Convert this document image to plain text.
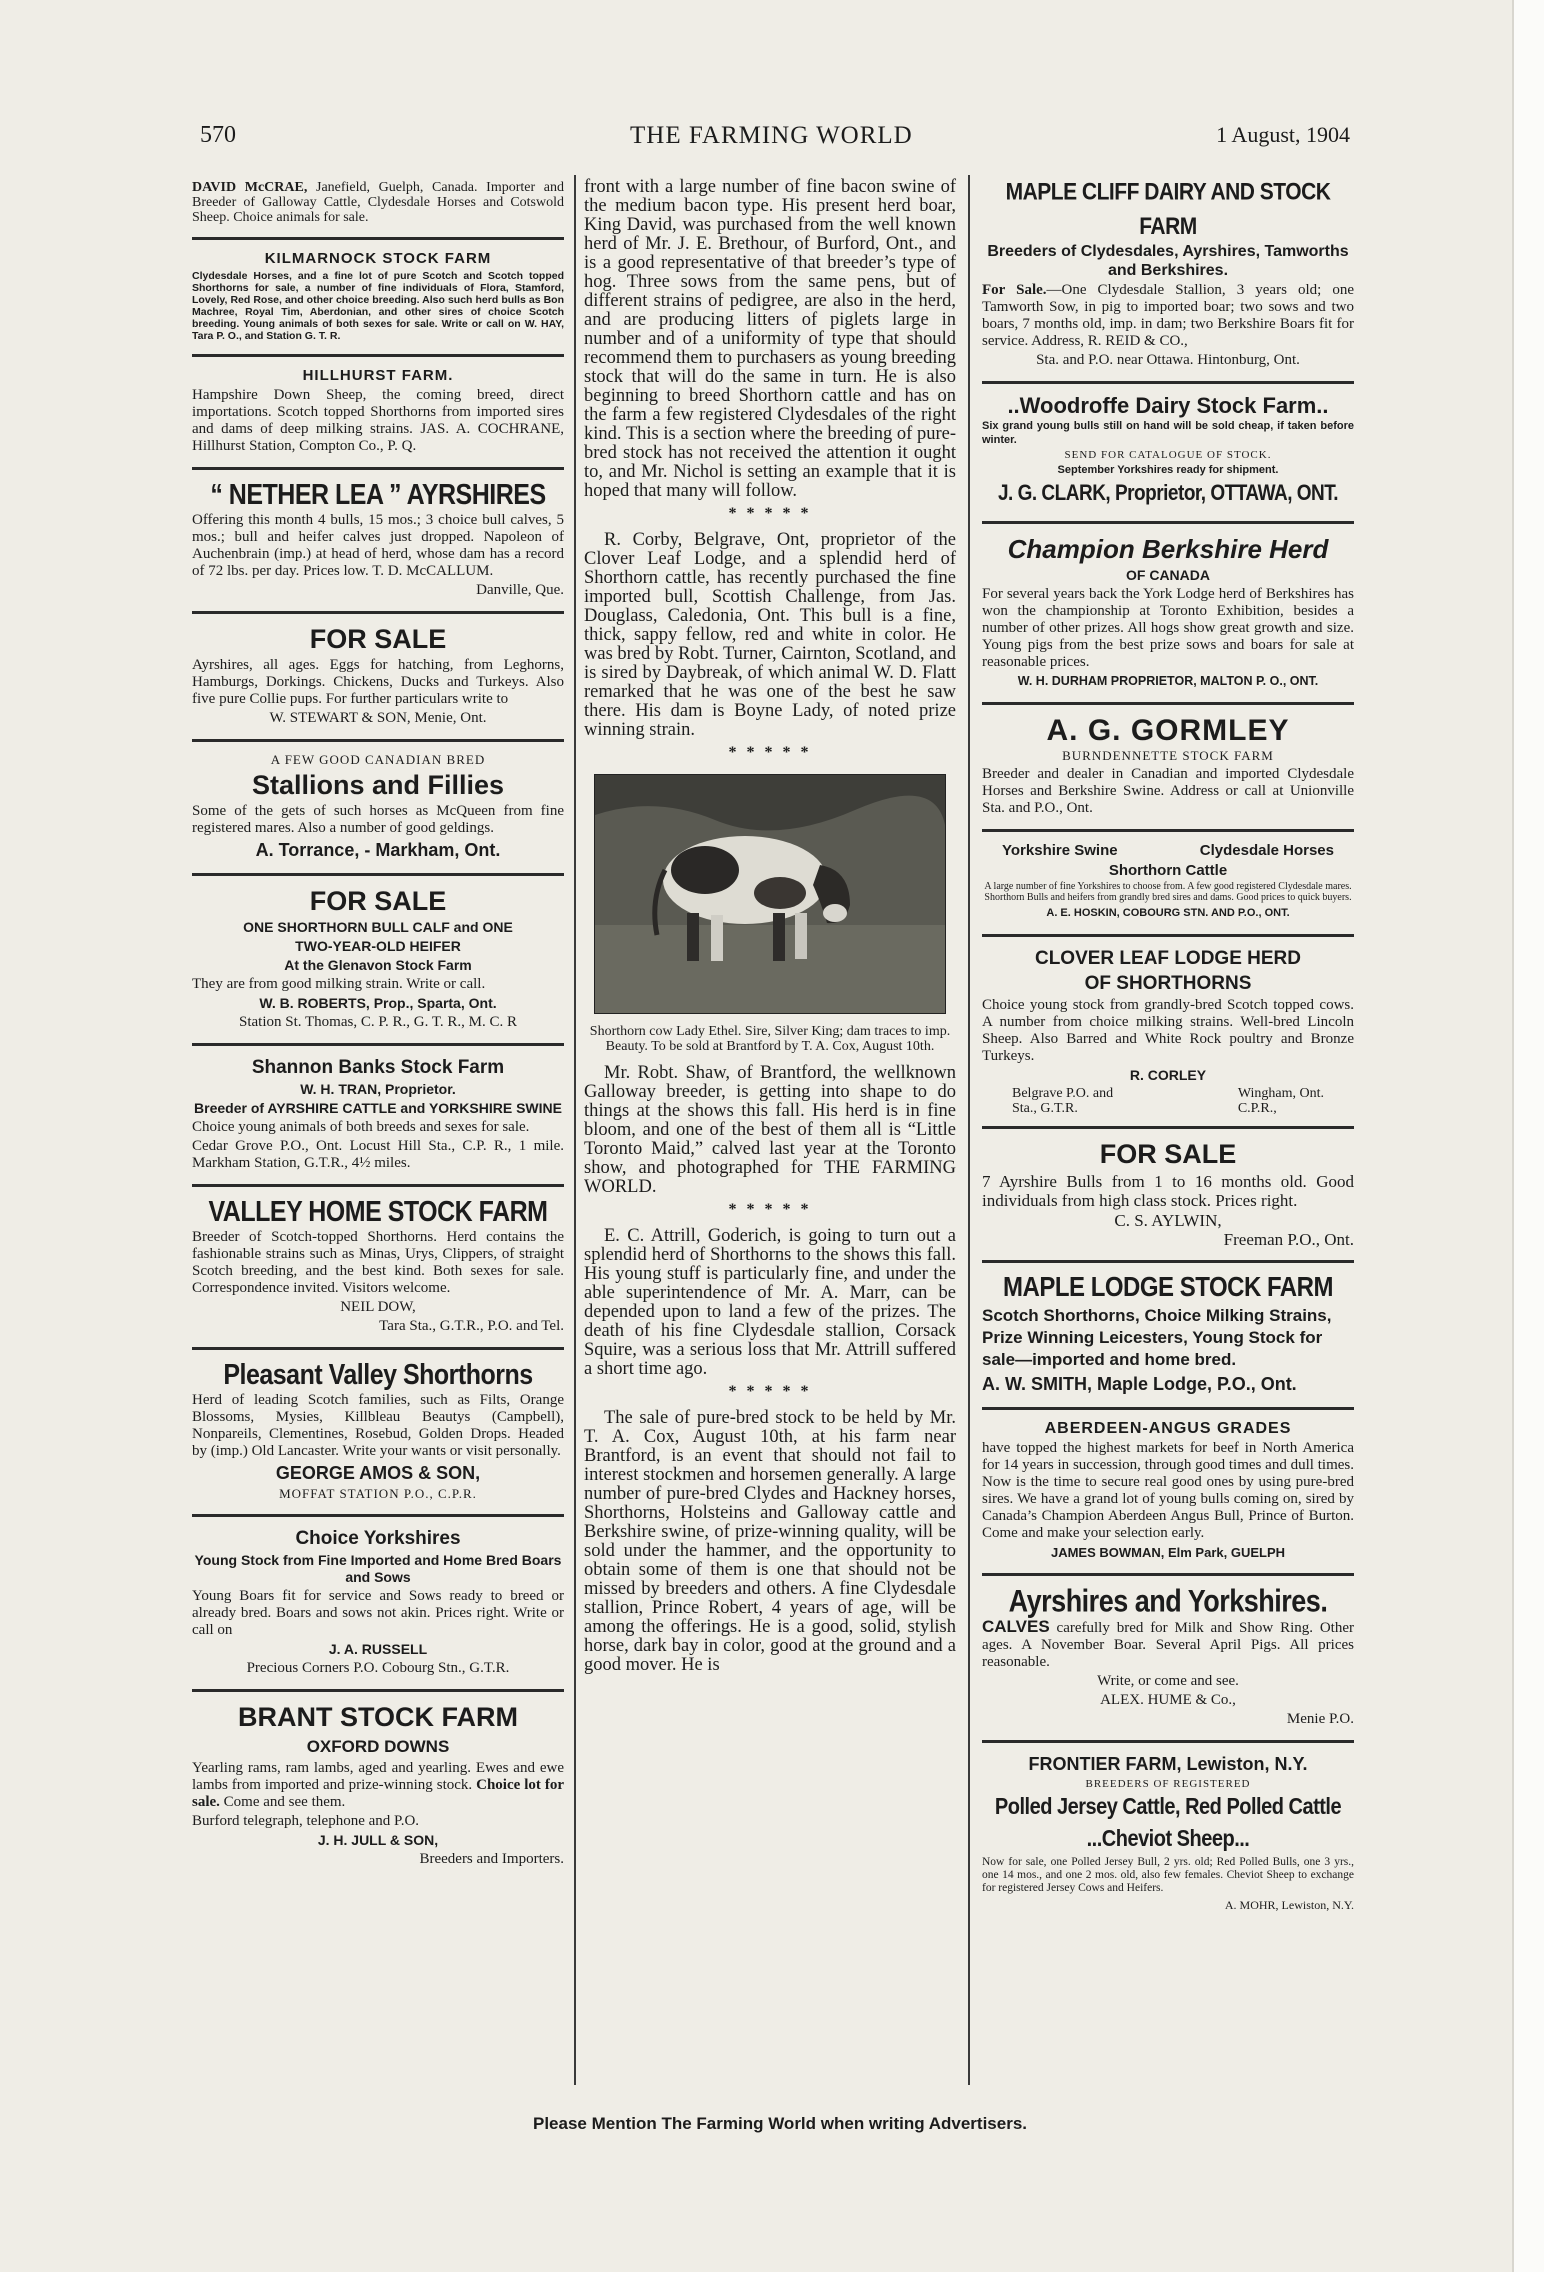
570	THE FARMING WORLD	1 August, 1904

DAVID McCRAE, Janefield, Guelph, Canada. Importer and Breeder of Galloway Cattle, Clydesdale Horses and Cotswold Sheep. Choice animals for sale.

KILMARNOCK STOCK FARM

Clydesdale Horses, and a fine lot of pure Scotch and Scotch topped Shorthorns for sale, a number of fine individuals of Flora, Stamford, Lovely, Red Rose, and other choice breeding. Also such herd bulls as Bon Machree, Royal Tim, Aberdonian, and other sires of choice Scotch breeding. Young animals of both sexes for sale. Write or call on W. HAY, Tara P. O., and Station G. T. R.

HILLHURST FARM.

Hampshire Down Sheep, the coming breed, direct importations. Scotch topped Shorthorns from imported sires and dams of deep milking strains. JAS. A. COCHRANE, Hillhurst Station, Compton Co., P. Q.

“ NETHER LEA ” AYRSHIRES

Offering this month 4 bulls, 15 mos.; 3 choice bull calves, 5 mos.; bull and heifer calves just dropped. Napoleon of Auchenbrain (imp.) at head of herd, whose dam has a record of 72 lbs. per day. Prices low. T. D. McCALLUM.

Danville, Que.

FOR SALE

Ayrshires, all ages. Eggs for hatching, from Leghorns, Hamburgs, Dorkings. Chickens, Ducks and Turkeys. Also five pure Collie pups. For further particulars write to

W. STEWART & SON, Menie, Ont.

A FEW GOOD CANADIAN BRED

Stallions and Fillies

Some of the gets of such horses as McQueen from fine registered mares. Also a number of good geldings.

A. Torrance, - Markham, Ont.

FOR SALE

ONE SHORTHORN BULL CALF and ONE

TWO-YEAR-OLD HEIFER

At the Glenavon Stock Farm

They are from good milking strain. Write or call.

W. B. ROBERTS, Prop., Sparta, Ont.

Station St. Thomas, C. P. R., G. T. R., M. C. R

Shannon Banks Stock Farm

W. H. TRAN, Proprietor.

Breeder of AYRSHIRE CATTLE and YORKSHIRE SWINE

Choice young animals of both breeds and sexes for sale.

Cedar Grove P.O., Ont. Locust Hill Sta., C.P. R., 1 mile. Markham Station, G.T.R., 4½ miles.

VALLEY HOME STOCK FARM

Breeder of Scotch-topped Shorthorns. Herd contains the fashionable strains such as Minas, Urys, Clippers, of straight Scotch breeding, and the best kind. Both sexes for sale. Correspondence invited. Visitors welcome.

NEIL DOW,

Tara Sta., G.T.R., P.O. and Tel.

Pleasant Valley Shorthorns

Herd of leading Scotch families, such as Filts, Orange Blossoms, Mysies, Killbleau Beautys (Campbell), Nonpareils, Clementines, Rosebud, Golden Drops. Headed by (imp.) Old Lancaster. Write your wants or visit personally.

GEORGE AMOS & SON,

MOFFAT STATION P.O., C.P.R.

Choice Yorkshires

Young Stock from Fine Imported and Home Bred Boars and Sows

Young Boars fit for service and Sows ready to breed or already bred. Boars and sows not akin. Prices right. Write or call on

J. A. RUSSELL

Precious Corners P.O. Cobourg Stn., G.T.R.

BRANT STOCK FARM

OXFORD DOWNS

Yearling rams, ram lambs, aged and yearling. Ewes and ewe lambs from imported and prize-winning stock. Choice lot for sale. Come and see them.

Burford telegraph, telephone and P.O.

J. H. JULL & SON,

Breeders and Importers.

front with a large number of fine bacon swine of the medium bacon type. His present herd boar, King David, was purchased from the well known herd of Mr. J. E. Brethour, of Burford, Ont., and is a good representative of that breeder’s type of hog. Three sows from the same pens, but of different strains of pedigree, are also in the herd, and are producing litters of piglets large in number and of a uniformity of type that should recommend them to purchasers as young breeding stock that will do the same in turn. He is also beginning to breed Shorthorn cattle and has on the farm a few registered Clydesdales of the right kind. This is a section where the breeding of pure-bred stock has not received the attention it ought to, and Mr. Nichol is setting an example that it is hoped that many will follow.

* * * * *

R. Corby, Belgrave, Ont, proprietor of the Clover Leaf Lodge, and a splendid herd of Shorthorn cattle, has recently purchased the fine imported bull, Scottish Challenge, from Jas. Douglass, Caledonia, Ont. This bull is a fine, thick, sappy fellow, red and white in color. He was bred by Robt. Turner, Cairnton, Scotland, and is sired by Daybreak, of which animal W. D. Flatt remarked that he was one of the best he saw there. His dam is Boyne Lady, of noted prize winning strain.

* * * * *
Shorthorn cow Lady Ethel. Sire, Silver King; dam traces to imp. Beauty. To be sold at Brantford by T. A. Cox, August 10th.

Mr. Robt. Shaw, of Brantford, the wellknown Galloway breeder, is getting into shape to do things at the shows this fall. His herd is in fine bloom, and one of the best of them all is “Little Toronto Maid,” calved last year at the Toronto show, and photographed for THE FARMING WORLD.

* * * * *

E. C. Attrill, Goderich, is going to turn out a splendid herd of Shorthorns to the shows this fall. His young stuff is particularly fine, and under the able superintendence of Mr. A. Marr, can be depended upon to land a few of the prizes. The death of his fine Clydesdale stallion, Corsack Squire, was a serious loss that Mr. Attrill suffered a short time ago.

* * * * *

The sale of pure-bred stock to be held by Mr. T. A. Cox, August 10th, at his farm near Brantford, is an event that should not fail to interest stockmen and horsemen generally. A large number of pure-bred Clydes and Hackney horses, Shorthorns, Holsteins and Galloway cattle and Berkshire swine, of prize-winning quality, will be sold under the hammer, and the opportunity to obtain some of them is one that should not be missed by breeders and others. A fine Clydesdale stallion, Prince Robert, 4 years of age, will be among the offerings. He is a good, solid, stylish horse, dark bay in color, good at the ground and a good mover. He is

MAPLE CLIFF DAIRY AND STOCK FARM

Breeders of Clydesdales, Ayrshires, Tamworths and Berkshires.

For Sale.—One Clydesdale Stallion, 3 years old; one Tamworth Sow, in pig to imported boar; two sows and two boars, 7 months old, imp. in dam; two Berkshire Boars fit for service. Address, R. REID & CO.,

Sta. and P.O. near Ottawa. Hintonburg, Ont.

..Woodroffe Dairy Stock Farm..

Six grand young bulls still on hand will be sold cheap, if taken before winter.

SEND FOR CATALOGUE OF STOCK.

September Yorkshires ready for shipment.

J. G. CLARK, Proprietor, OTTAWA, ONT.

Champion Berkshire Herd

OF CANADA

For several years back the York Lodge herd of Berkshires has won the championship at Toronto Exhibition, besides a number of other prizes. All hogs show great growth and size. Young pigs from the best prize sows and boars for sale at reasonable prices.

W. H. DURHAM PROPRIETOR, MALTON P. O., ONT.

A. G. GORMLEY

BURNDENNETTE STOCK FARM

Breeder and dealer in Canadian and imported Clydesdale Horses and Berkshire Swine. Address or call at Unionville Sta. and P.O., Ont.

Yorkshire Swine	Clydesdale Horses

Shorthorn Cattle

A large number of fine Yorkshires to choose from. A few good registered Clydesdale mares. Shorthorn Bulls and heifers from grandly bred sires and dams. Good prices to quick buyers.

A. E. HOSKIN, COBOURG STN. AND P.O., ONT.

CLOVER LEAF LODGE HERD

OF SHORTHORNS

Choice young stock from grandly-bred Scotch topped cows. A number from choice milking strains. Well-bred Lincoln Sheep. Also Barred and White Rock poultry and Bronze Turkeys.

R. CORLEY

Belgrave P.O. and
Sta., G.T.R.
Wingham, Ont.
C.P.R.,

FOR SALE

7 Ayrshire Bulls from 1 to 16 months old. Good individuals from high class stock. Prices right.

C. S. AYLWIN,

Freeman P.O., Ont.

MAPLE LODGE STOCK FARM

Scotch Shorthorns, Choice Milking Strains, Prize Winning Leicesters, Young Stock for sale—imported and home bred.

A. W. SMITH, Maple Lodge, P.O., Ont.

ABERDEEN-ANGUS GRADES

have topped the highest markets for beef in North America for 14 years in succession, through good times and dull times. Now is the time to secure real good ones by using pure-bred sires. We have a grand lot of young bulls coming on, sired by Canada’s Champion Aberdeen Angus Bull, Prince of Burton. Come and make your selection early.

JAMES BOWMAN, Elm Park, GUELPH

Ayrshires and Yorkshires.

CALVES carefully bred for Milk and Show Ring. Other ages. A November Boar. Several April Pigs. All prices reasonable.

Write, or come and see.

ALEX. HUME & Co.,

Menie P.O.

FRONTIER FARM, Lewiston, N.Y.

BREEDERS OF REGISTERED

Polled Jersey Cattle, Red Polled Cattle

...Cheviot Sheep...

Now for sale, one Polled Jersey Bull, 2 yrs. old; Red Polled Bulls, one 3 yrs., one 14 mos., and one 2 mos. old, also few females. Cheviot Sheep to exchange for registered Jersey Cows and Heifers.

A. MOHR, Lewiston, N.Y.

Please Mention The Farming World when writing Advertisers.
